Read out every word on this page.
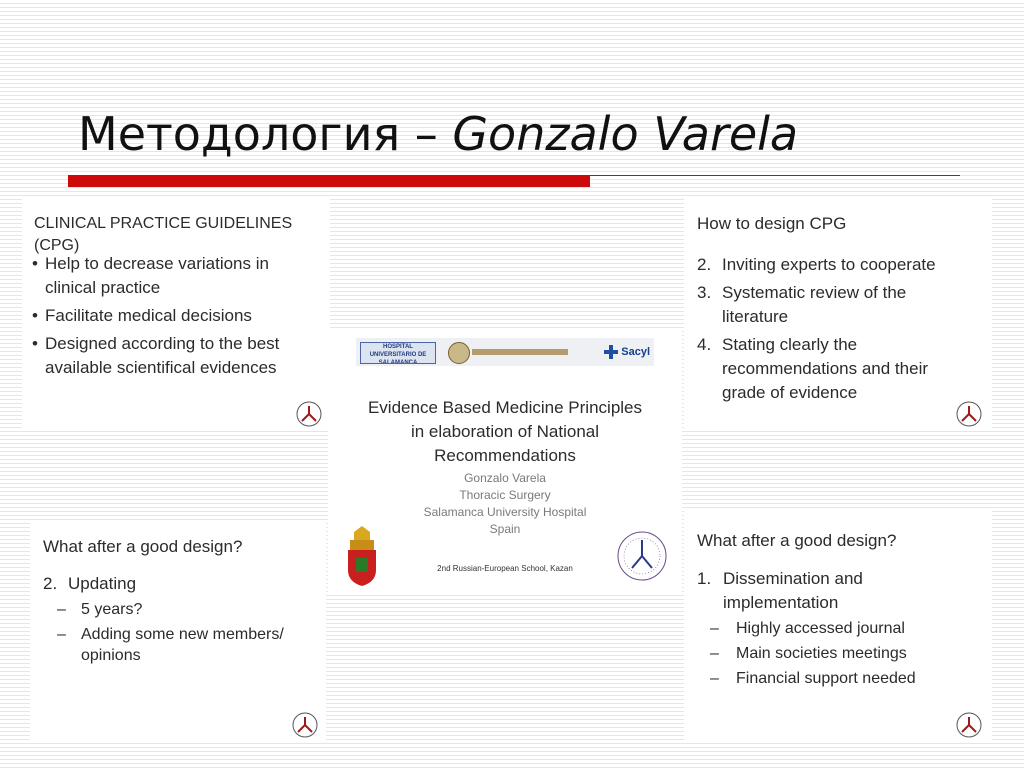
Методология – Gonzalo Varela
CLINICAL PRACTICE GUIDELINES (CPG)
• Help to decrease variations in
clinical practice
• Facilitate medical decisions
• Designed according to the best
available scientifical evidences
How to design CPG
2. Inviting experts to cooperate
3. Systematic review of the
literature
4. Stating clearly the
recommendations and their
grade of evidence
What after a good design?
2. Updating
– 5 years?
– Adding some new members/
opinions
What after a good design?
1. Dissemination and
implementation
– Highly accessed journal
– Main societies meetings
– Financial support needed
HOSPITAL UNIVERSITARIO DE SALAMANCA
Sacyl
Evidence Based Medicine Principles
in elaboration of National
Recommendations
Gonzalo Varela
Thoracic Surgery
Salamanca University Hospital
Spain
2nd Russian-European School, Kazan
